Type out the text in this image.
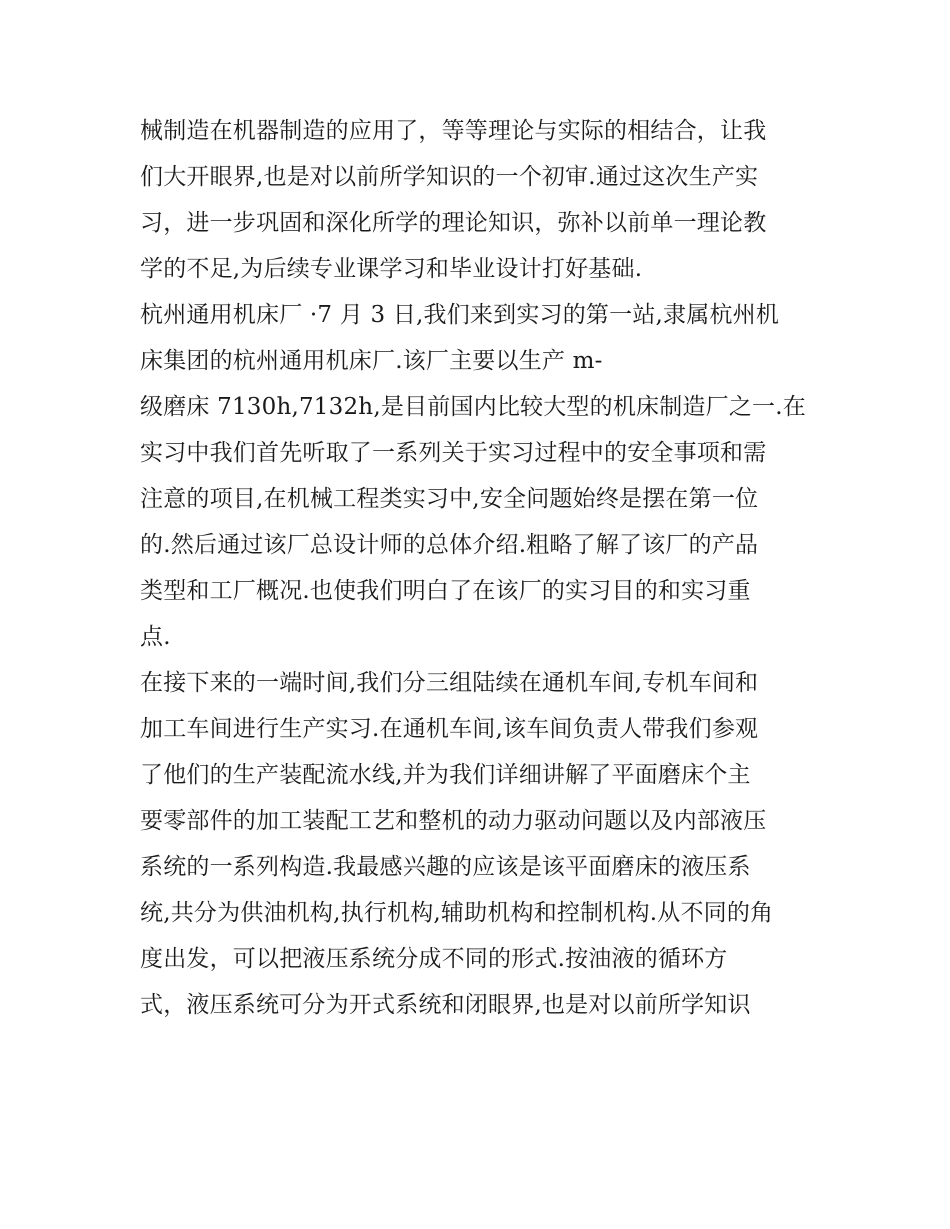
械制造在机器制造的应用了，等等理论与实际的相结合，让我
们大开眼界,也是对以前所学知识的一个初审.通过这次生产实
习，进一步巩固和深化所学的理论知识，弥补以前单一理论教
学的不足,为后续专业课学习和毕业设计打好基础.
杭州通用机床厂 ·7 月 3 日,我们来到实习的第一站,隶属杭州机
床集团的杭州通用机床厂.该厂主要以生产 m-
级磨床 7130h,7132h,是目前国内比较大型的机床制造厂之一.在
实习中我们首先听取了一系列关于实习过程中的安全事项和需
注意的项目,在机械工程类实习中,安全问题始终是摆在第一位
的.然后通过该厂总设计师的总体介绍.粗略了解了该厂的产品
类型和工厂概况.也使我们明白了在该厂的实习目的和实习重
点.
在接下来的一端时间,我们分三组陆续在通机车间,专机车间和
加工车间进行生产实习.在通机车间,该车间负责人带我们参观
了他们的生产装配流水线,并为我们详细讲解了平面磨床个主
要零部件的加工装配工艺和整机的动力驱动问题以及内部液压
系统的一系列构造.我最感兴趣的应该是该平面磨床的液压系
统,共分为供油机构,执行机构,辅助机构和控制机构.从不同的角
度出发，可以把液压系统分成不同的形式.按油液的循环方
式，液压系统可分为开式系统和闭眼界,也是对以前所学知识
